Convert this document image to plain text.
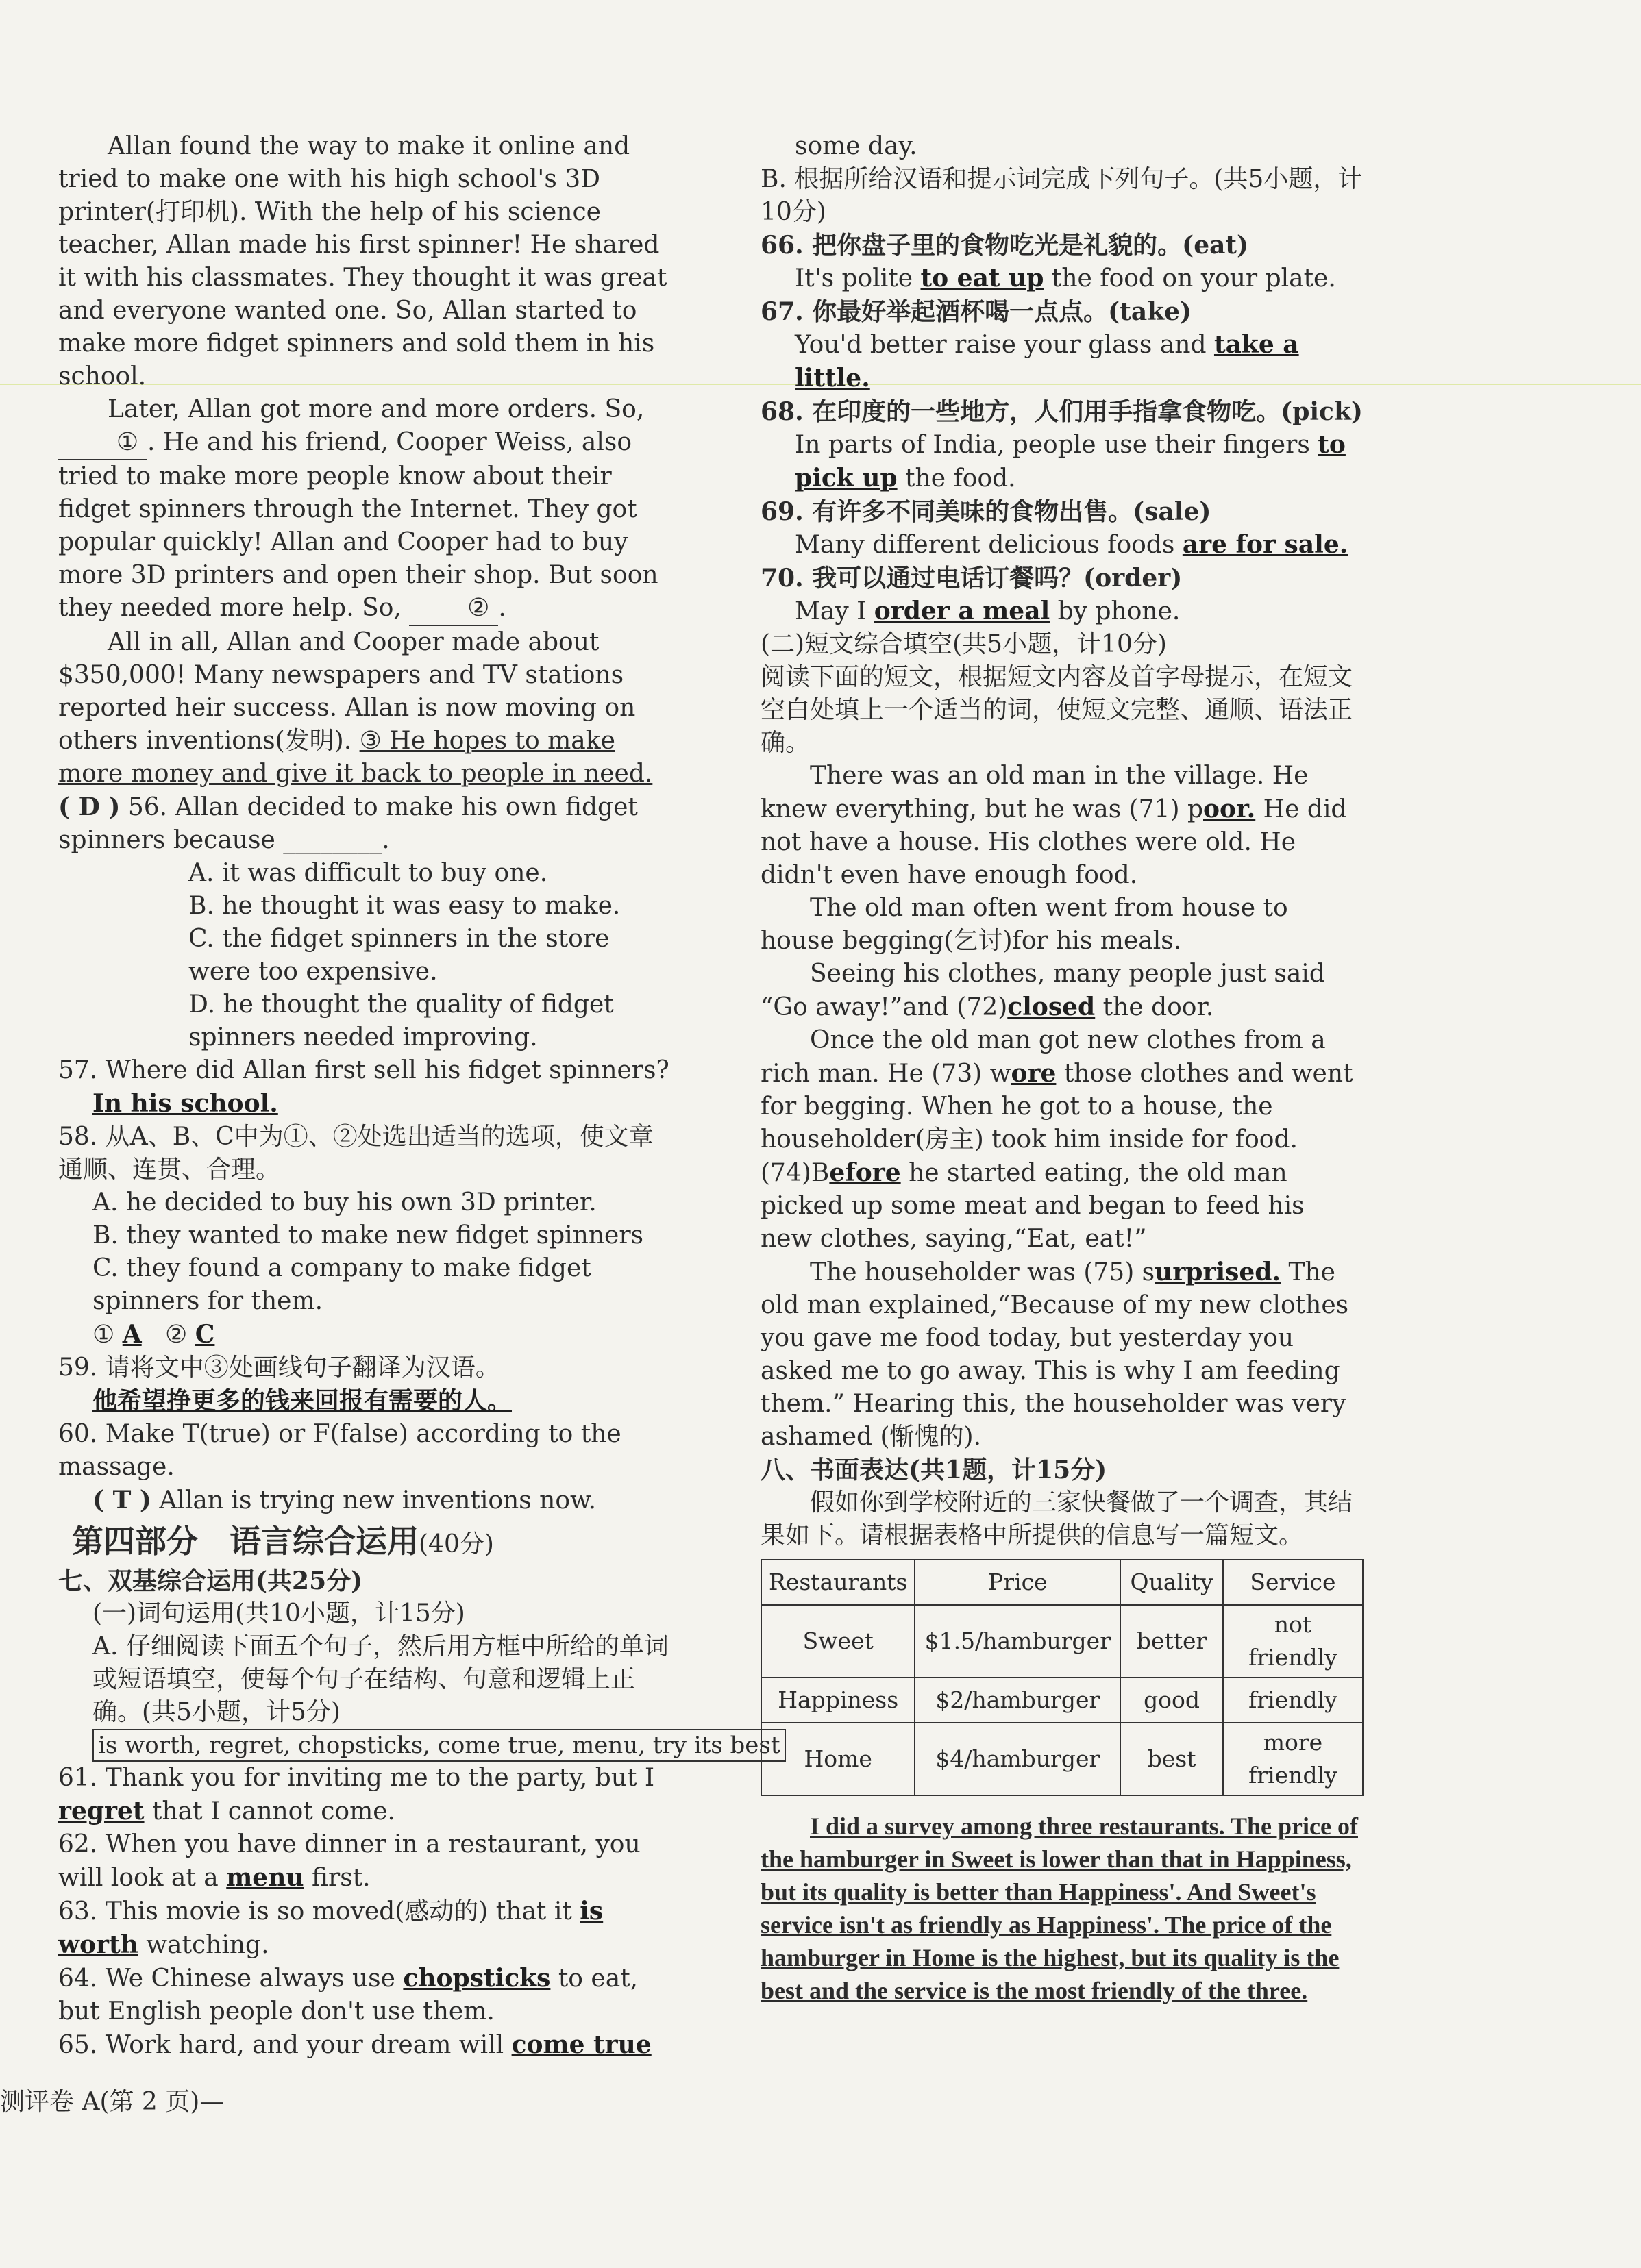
Allan found the way to make it online and tried to make one with his high school's 3D printer(打印机). With the help of his science teacher, Allan made his first spinner! He shared it with his classmates. They thought it was great and everyone wanted one. So, Allan started to make more fidget spinners and sold them in his school.

Later, Allan got more and more orders. So, ① . He and his friend, Cooper Weiss, also tried to make more people know about their fidget spinners through the Internet. They got popular quickly! Allan and Cooper had to buy more 3D printers and open their shop. But soon they needed more help. So,	② .

All in all, Allan and Cooper made about $350,000! Many newspapers and TV stations reported heir success. Allan is now moving on others inventions(发明). ③ He hopes to make more money and give it back to people in need.

( D ) 56. Allan decided to make his own fidget spinners because ________.

A. it was difficult to buy one.

B. he thought it was easy to make.

C. the fidget spinners in the store were too expensive.

D. he thought the quality of fidget spinners needed improving.

57. Where did Allan first sell his fidget spinners?

In his school.

58. 从A、B、C中为①、②处选出适当的选项，使文章通顺、连贯、合理。

A. he decided to buy his own 3D printer.

B. they wanted to make new fidget spinners

C. they found a company to make fidget spinners for them.

① A ② C

59. 请将文中③处画线句子翻译为汉语。

他希望挣更多的钱来回报有需要的人。

60. Make T(true) or F(false) according to the massage.

( T ) Allan is trying new inventions now.

第四部分　语言综合运用(40分)

七、双基综合运用(共25分)

(一)词句运用(共10小题，计15分)

A. 仔细阅读下面五个句子，然后用方框中所给的单词或短语填空，使每个句子在结构、句意和逻辑上正确。(共5小题，计5分)

is worth, regret, chopsticks, come true, menu, try its best

61. Thank you for inviting me to the party, but I regret that I cannot come.

62. When you have dinner in a restaurant, you will look at a menu first.

63. This movie is so moved(感动的) that it is worth watching.

64. We Chinese always use chopsticks to eat, but English people don't use them.

65. Work hard, and your dream will come true

some day.

B. 根据所给汉语和提示词完成下列句子。(共5小题，计10分)

66. 把你盘子里的食物吃光是礼貌的。(eat)

It's polite to eat up the food on your plate.

67. 你最好举起酒杯喝一点点。(take)

You'd better raise your glass and take a little.

68. 在印度的一些地方，人们用手指拿食物吃。(pick)

In parts of India, people use their fingers to pick up the food.

69. 有许多不同美味的食物出售。(sale)

Many different delicious foods are for sale.

70. 我可以通过电话订餐吗？(order)

May I order a meal by phone.

(二)短文综合填空(共5小题，计10分)

阅读下面的短文，根据短文内容及首字母提示，在短文空白处填上一个适当的词，使短文完整、通顺、语法正确。

There was an old man in the village. He knew everything, but he was (71) poor. He did not have a house. His clothes were old. He didn't even have enough food.

The old man often went from house to house begging(乞讨)for his meals.

Seeing his clothes, many people just said “Go away!”and (72)closed the door.

Once the old man got new clothes from a rich man. He (73) wore those clothes and went for begging. When he got to a house, the householder(房主) took him inside for food. (74)Before he started eating, the old man picked up some meat and began to feed his new clothes, saying,“Eat, eat!”

The householder was (75) surprised. The old man explained,“Because of my new clothes you gave me food today, but yesterday you asked me to go away. This is why I am feeding them.” Hearing this, the householder was very ashamed (惭愧的).

八、书面表达(共1题，计15分)

假如你到学校附近的三家快餐做了一个调查，其结果如下。请根据表格中所提供的信息写一篇短文。

Restaurants	Price	Quality	Service
Sweet	$1.5/hamburger	better	not friendly
Happiness	$2/hamburger	good	friendly
Home	$4/hamburger	best	more friendly

I did a survey among three restaurants. The price of the hamburger in Sweet is lower than that in Happiness, but its quality is better than Happiness'. And Sweet's service isn't as friendly as Happiness'. The price of the hamburger in Home is the highest, but its quality is the best and the service is the most friendly of the three.

测评卷 A(第 2 页)—
